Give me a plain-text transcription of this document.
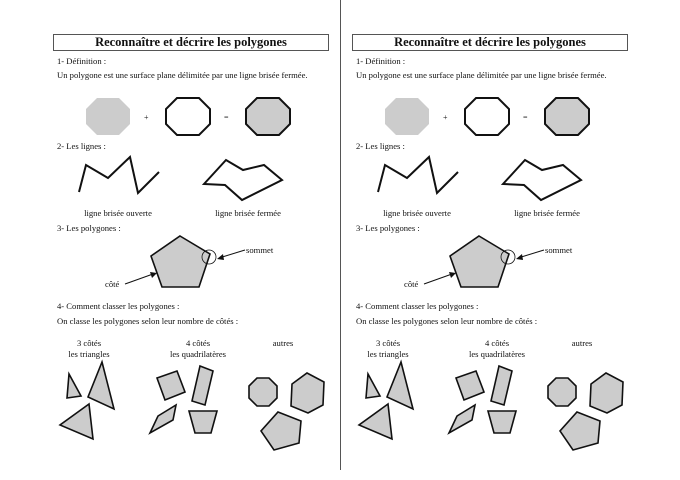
Reconnaître et décrire les polygones
1- Définition :
Un polygone est une surface plane délimitée par une ligne brisée fermée.
+	=
2- Les lignes :
ligne brisée ouverte	ligne brisée fermée
3- Les polygones :
sommet
côté
4- Comment classer les polygones :
On classe les polygones selon leur nombre de côtés :
3 côtés
les triangles
4 côtés
les quadrilatères
autres
Reconnaître et décrire les polygones
1- Définition :
Un polygone est une surface plane délimitée par une ligne brisée fermée.
+	=
2- Les lignes :
ligne brisée ouverte	ligne brisée fermée
3- Les polygones :
sommet
côté
4- Comment classer les polygones :
On classe les polygones selon leur nombre de côtés :
3 côtés
les triangles
4 côtés
les quadrilatères
autres
